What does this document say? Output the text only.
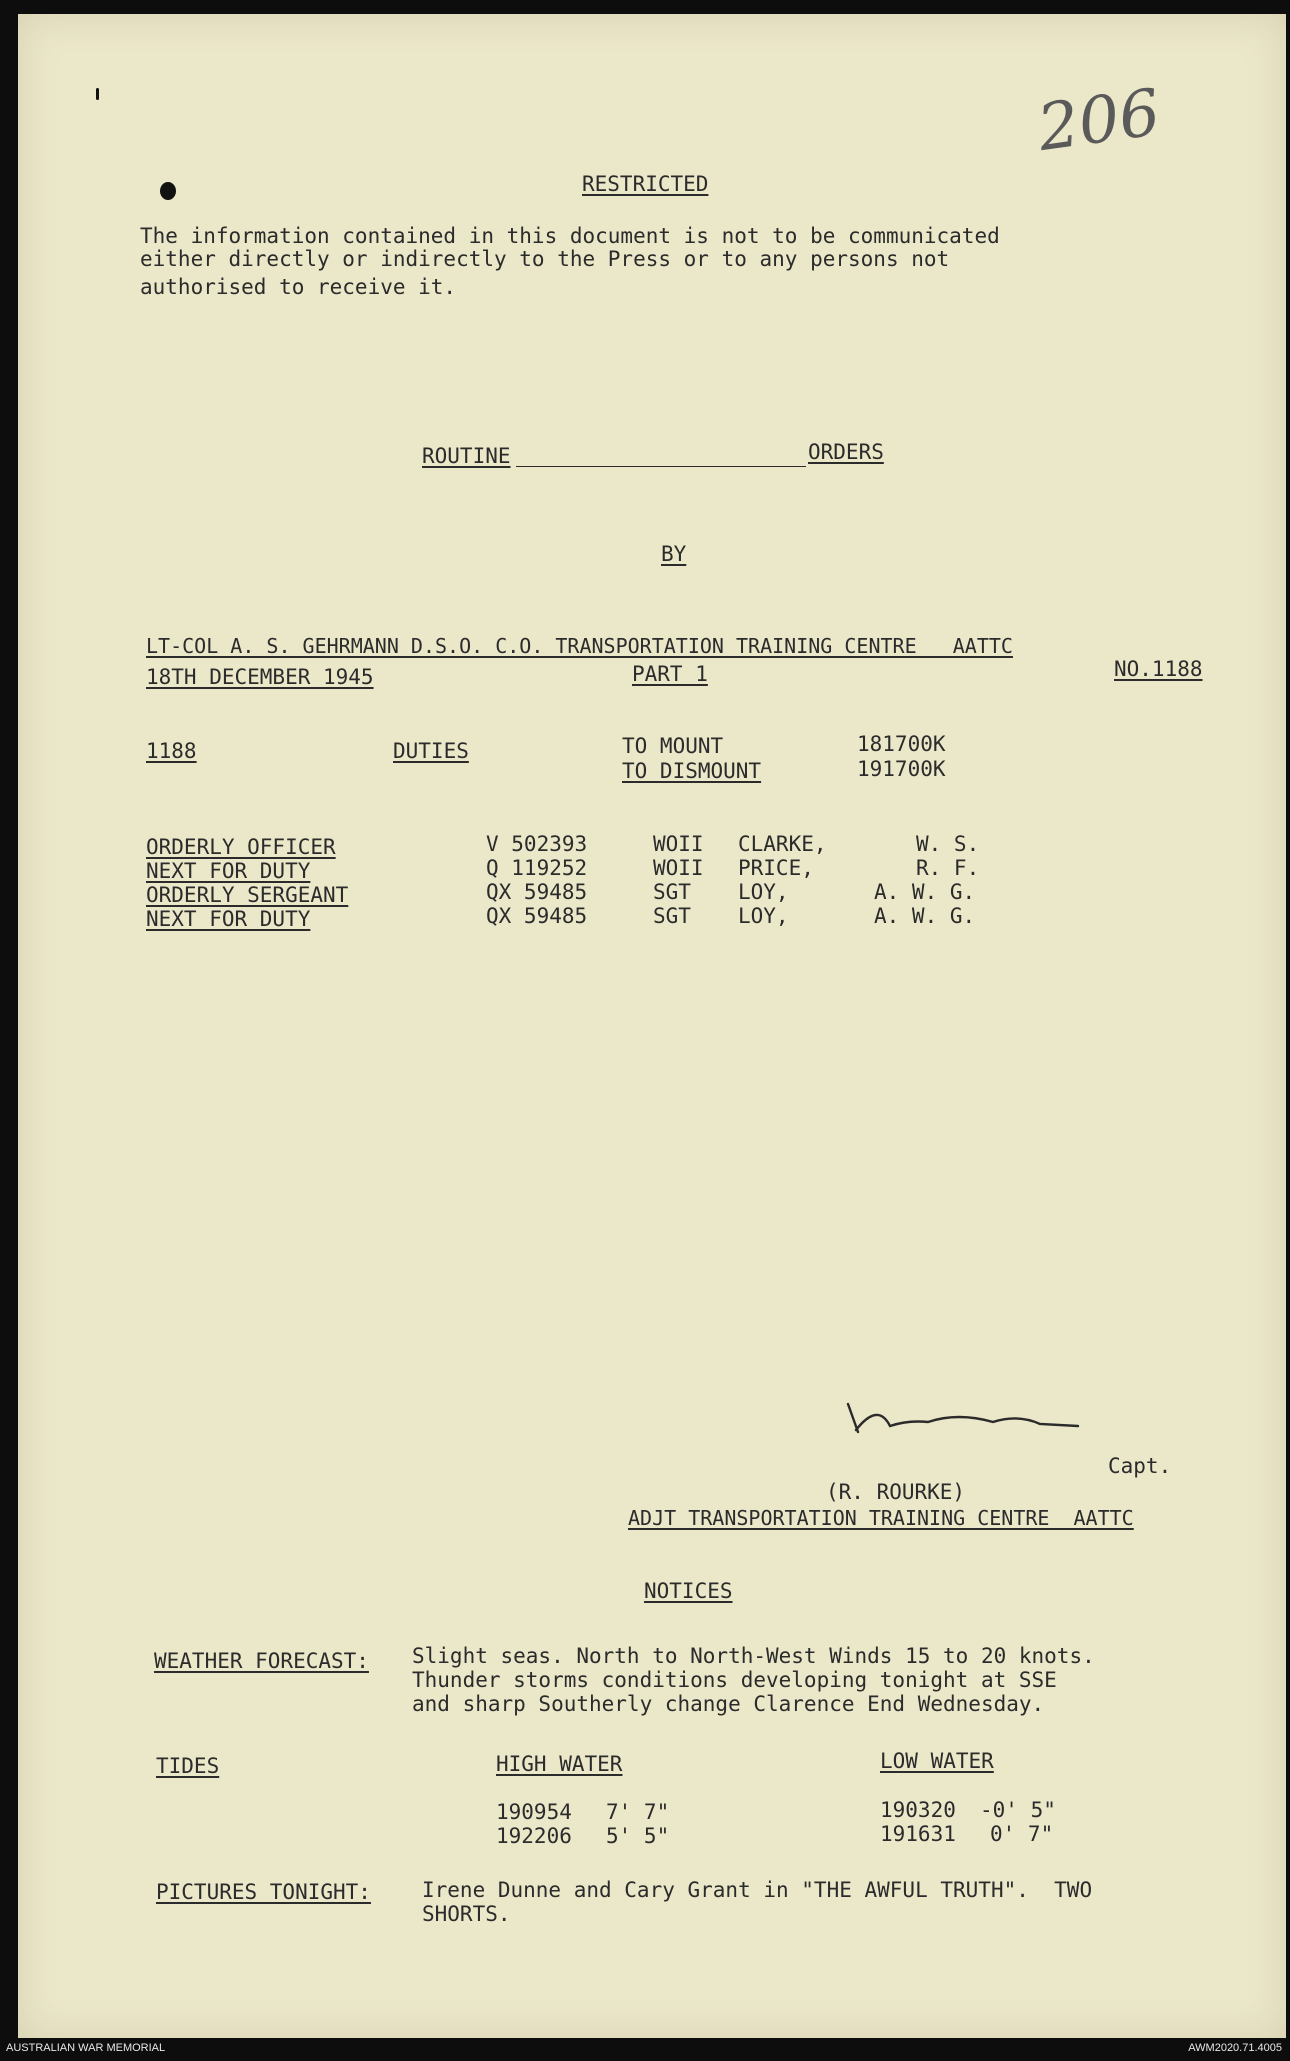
206
RESTRICTED
The information contained in this document is not to be communicated
either directly or indirectly to the Press or to any persons not
authorised to receive it.
ROUTINE	ORDERS
BY
LT-COL A. S. GEHRMANN D.S.O. C.O. TRANSPORTATION TRAINING CENTRE   AATTC
18TH DECEMBER 1945	PART 1	NO.1188
1188	DUTIES	TO MOUNT	181700K
TO DISMOUNT	191700K
ORDERLY OFFICER	V 502393	WOII CLARKE,	W. S.
NEXT FOR DUTY	Q 119252	WOII PRICE,	R. F.
ORDERLY SERGEANT	QX 59485	SGT LOY,	A. W. G.
NEXT FOR DUTY	QX 59485	SGT LOY,	A. W. G.
Capt.
(R. ROURKE)
ADJT TRANSPORTATION TRAINING CENTRE  AATTC
NOTICES
WEATHER FORECAST: Slight seas. North to North-West Winds 15 to 20 knots.
Thunder storms conditions developing tonight at SSE
and sharp Southerly change Clarence End Wednesday.
TIDES	HIGH WATER	LOW WATER
190954 7' 7"	190320 -0' 5"
192206 5' 5"	191631 0' 7"
PICTURES TONIGHT: Irene Dunne and Cary Grant in "THE AWFUL TRUTH".  TWO
SHORTS.
AUSTRALIAN WAR MEMORIAL	AWM2020.71.4005
